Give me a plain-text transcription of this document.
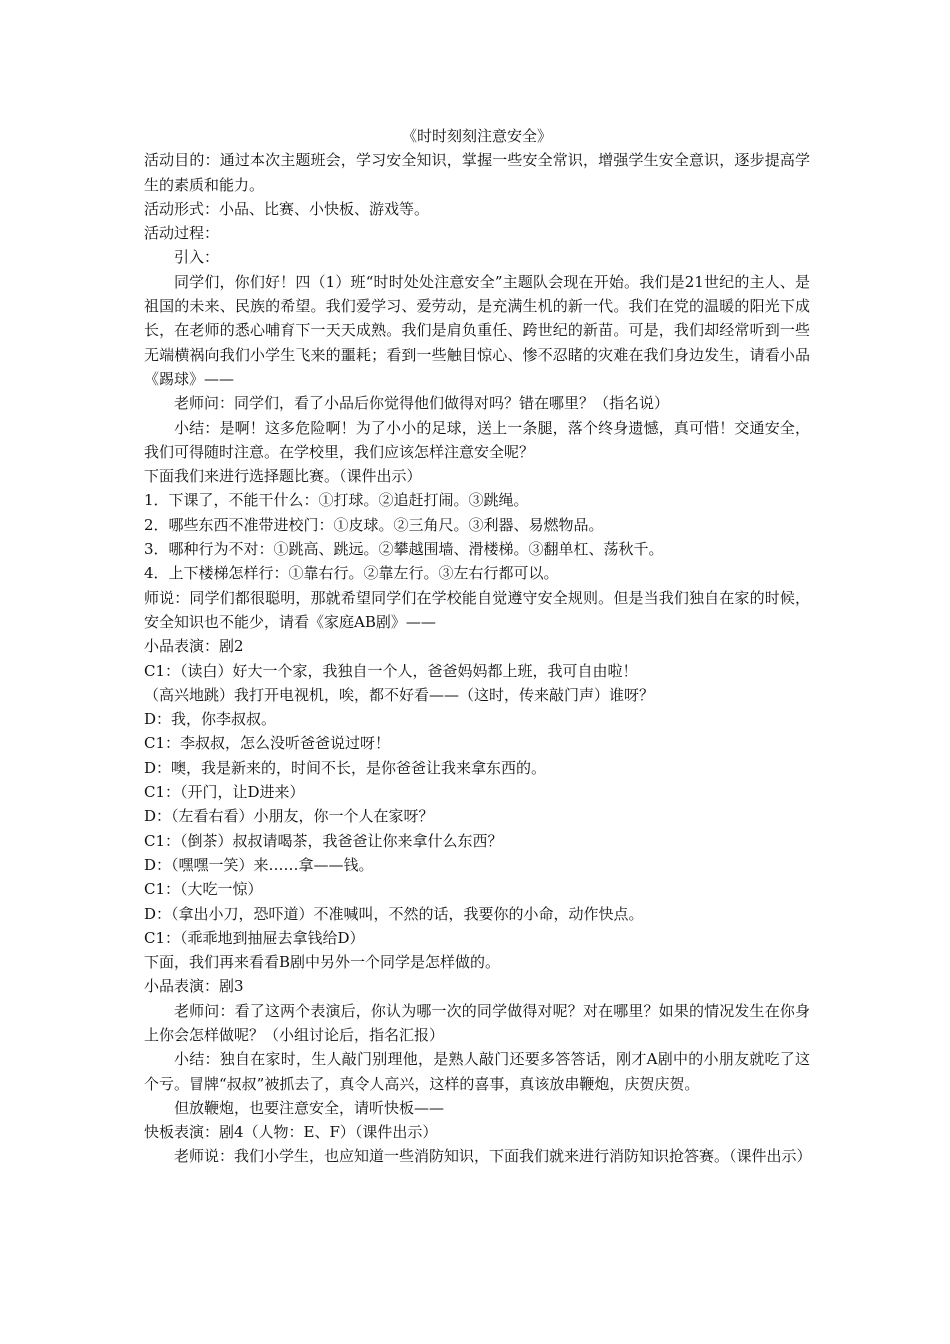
《时时刻刻注意安全》

活动目的：通过本次主题班会，学习安全知识，掌握一些安全常识，增强学生安全意识，逐步提高学生的素质和能力。

活动形式：小品、比赛、小快板、游戏等。

活动过程：

引入：

同学们，你们好！四（1）班“时时处处注意安全”主题队会现在开始。我们是21世纪的主人、是祖国的未来、民族的希望。我们爱学习、爱劳动，是充满生机的新一代。我们在党的温暖的阳光下成长，在老师的悉心哺育下一天天成熟。我们是肩负重任、跨世纪的新苗。可是，我们却经常听到一些无端横祸向我们小学生飞来的噩耗；看到一些触目惊心、惨不忍睹的灾难在我们身边发生，请看小品《踢球》——

老师问：同学们，看了小品后你觉得他们做得对吗？错在哪里？（指名说）

小结：是啊！这多危险啊！为了小小的足球，送上一条腿，落个终身遗憾，真可惜！交通安全，我们可得随时注意。在学校里，我们应该怎样注意安全呢？

下面我们来进行选择题比赛。（课件出示）

1．下课了，不能干什么：①打球。②追赶打闹。③跳绳。

2．哪些东西不准带进校门：①皮球。②三角尺。③利器、易燃物品。

3．哪种行为不对：①跳高、跳远。②攀越围墙、滑楼梯。③翻单杠、荡秋千。

4．上下楼梯怎样行：①靠右行。②靠左行。③左右行都可以。

师说：同学们都很聪明，那就希望同学们在学校能自觉遵守安全规则。但是当我们独自在家的时候，安全知识也不能少，请看《家庭AB剧》——

小品表演：剧2

C1：（读白）好大一个家，我独自一个人，爸爸妈妈都上班，我可自由啦！

（高兴地跳）我打开电视机，唉，都不好看——（这时，传来敲门声）谁呀？

D：我，你李叔叔。

C1：李叔叔，怎么没听爸爸说过呀！

D：噢，我是新来的，时间不长，是你爸爸让我来拿东西的。

C1：（开门，让D进来）

D：（左看右看）小朋友，你一个人在家呀？

C1：（倒茶）叔叔请喝茶，我爸爸让你来拿什么东西？

D：（嘿嘿一笑）来……拿——钱。

C1：（大吃一惊）

D：（拿出小刀，恐吓道）不准喊叫，不然的话，我要你的小命，动作快点。

C1：（乖乖地到抽屉去拿钱给D）

下面，我们再来看看B剧中另外一个同学是怎样做的。

小品表演：剧3

老师问：看了这两个表演后，你认为哪一次的同学做得对呢？对在哪里？如果的情况发生在你身上你会怎样做呢？（小组讨论后，指名汇报）

小结：独自在家时，生人敲门别理他，是熟人敲门还要多答答话，刚才A剧中的小朋友就吃了这个亏。冒牌“叔叔”被抓去了，真令人高兴，这样的喜事，真该放串鞭炮，庆贺庆贺。

但放鞭炮，也要注意安全，请听快板——

快板表演：剧4（人物：E、F）（课件出示）

老师说：我们小学生，也应知道一些消防知识，下面我们就来进行消防知识抢答赛。（课件出示）
